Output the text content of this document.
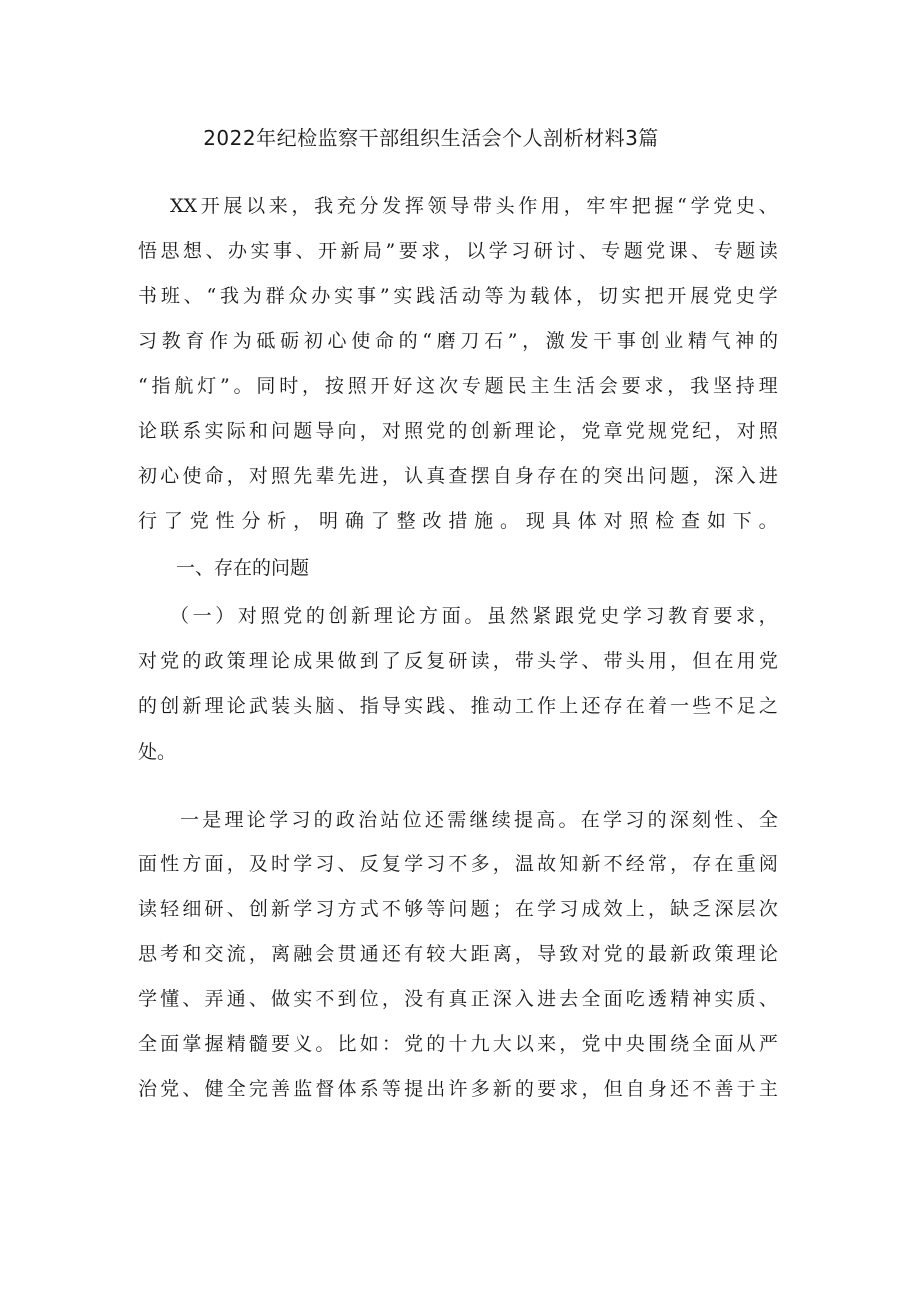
2022年纪检监察干部组织生活会个人剖析材料3篇
XX 开 展 以 来 ， 我 充 分 发 挥 领 导 带 头 作 用 ， 牢 牢 把 握 “ 学 党 史 、
悟 思 想 、 办 实 事 、 开 新 局 ” 要 求 ， 以 学 习 研 讨 、 专 题 党 课 、 专 题 读
书 班 、 “ 我 为 群 众 办 实 事 ” 实 践 活 动 等 为 载 体 ， 切 实 把 开 展 党 史 学
习 教 育 作 为 砥 砺 初 心 使 命 的 “ 磨 刀 石 ” ， 激 发 干 事 创 业 精 气 神 的
“ 指 航 灯 ” 。 同 时 ， 按 照 开 好 这 次 专 题 民 主 生 活 会 要 求 ， 我 坚 持 理
论 联 系 实 际 和 问 题 导 向 ， 对 照 党 的 创 新 理 论 ， 党 章 党 规 党 纪 ， 对 照
初 心 使 命 ， 对 照 先 辈 先 进 ， 认 真 查 摆 自 身 存 在 的 突 出 问 题 ， 深 入 进
行 了 党 性 分 析 ， 明 确 了 整 改 措 施 。 现 具 体 对 照 检 查 如 下 。
一、存在的问题
（ 一 ） 对 照 党 的 创 新 理 论 方 面 。 虽 然 紧 跟 党 史 学 习 教 育 要 求 ，
对 党 的 政 策 理 论 成 果 做 到 了 反 复 研 读 ， 带 头 学 、 带 头 用 ， 但 在 用 党
的 创 新 理 论 武 装 头 脑 、 指 导 实 践 、 推 动 工 作 上 还 存 在 着 一 些 不 足 之
处。
一 是 理 论 学 习 的 政 治 站 位 还 需 继 续 提 高 。 在 学 习 的 深 刻 性 、 全
面 性 方 面 ， 及 时 学 习 、 反 复 学 习 不 多 ， 温 故 知 新 不 经 常 ， 存 在 重 阅
读 轻 细 研 、 创 新 学 习 方 式 不 够 等 问 题 ； 在 学 习 成 效 上 ， 缺 乏 深 层 次
思 考 和 交 流 ， 离 融 会 贯 通 还 有 较 大 距 离 ， 导 致 对 党 的 最 新 政 策 理 论
学 懂 、 弄 通 、 做 实 不 到 位 ， 没 有 真 正 深 入 进 去 全 面 吃 透 精 神 实 质 、
全 面 掌 握 精 髓 要 义 。 比 如 ： 党 的 十 九 大 以 来 ， 党 中 央 围 绕 全 面 从 严
治 党 、 健 全 完 善 监 督 体 系 等 提 出 许 多 新 的 要 求 ， 但 自 身 还 不 善 于 主
